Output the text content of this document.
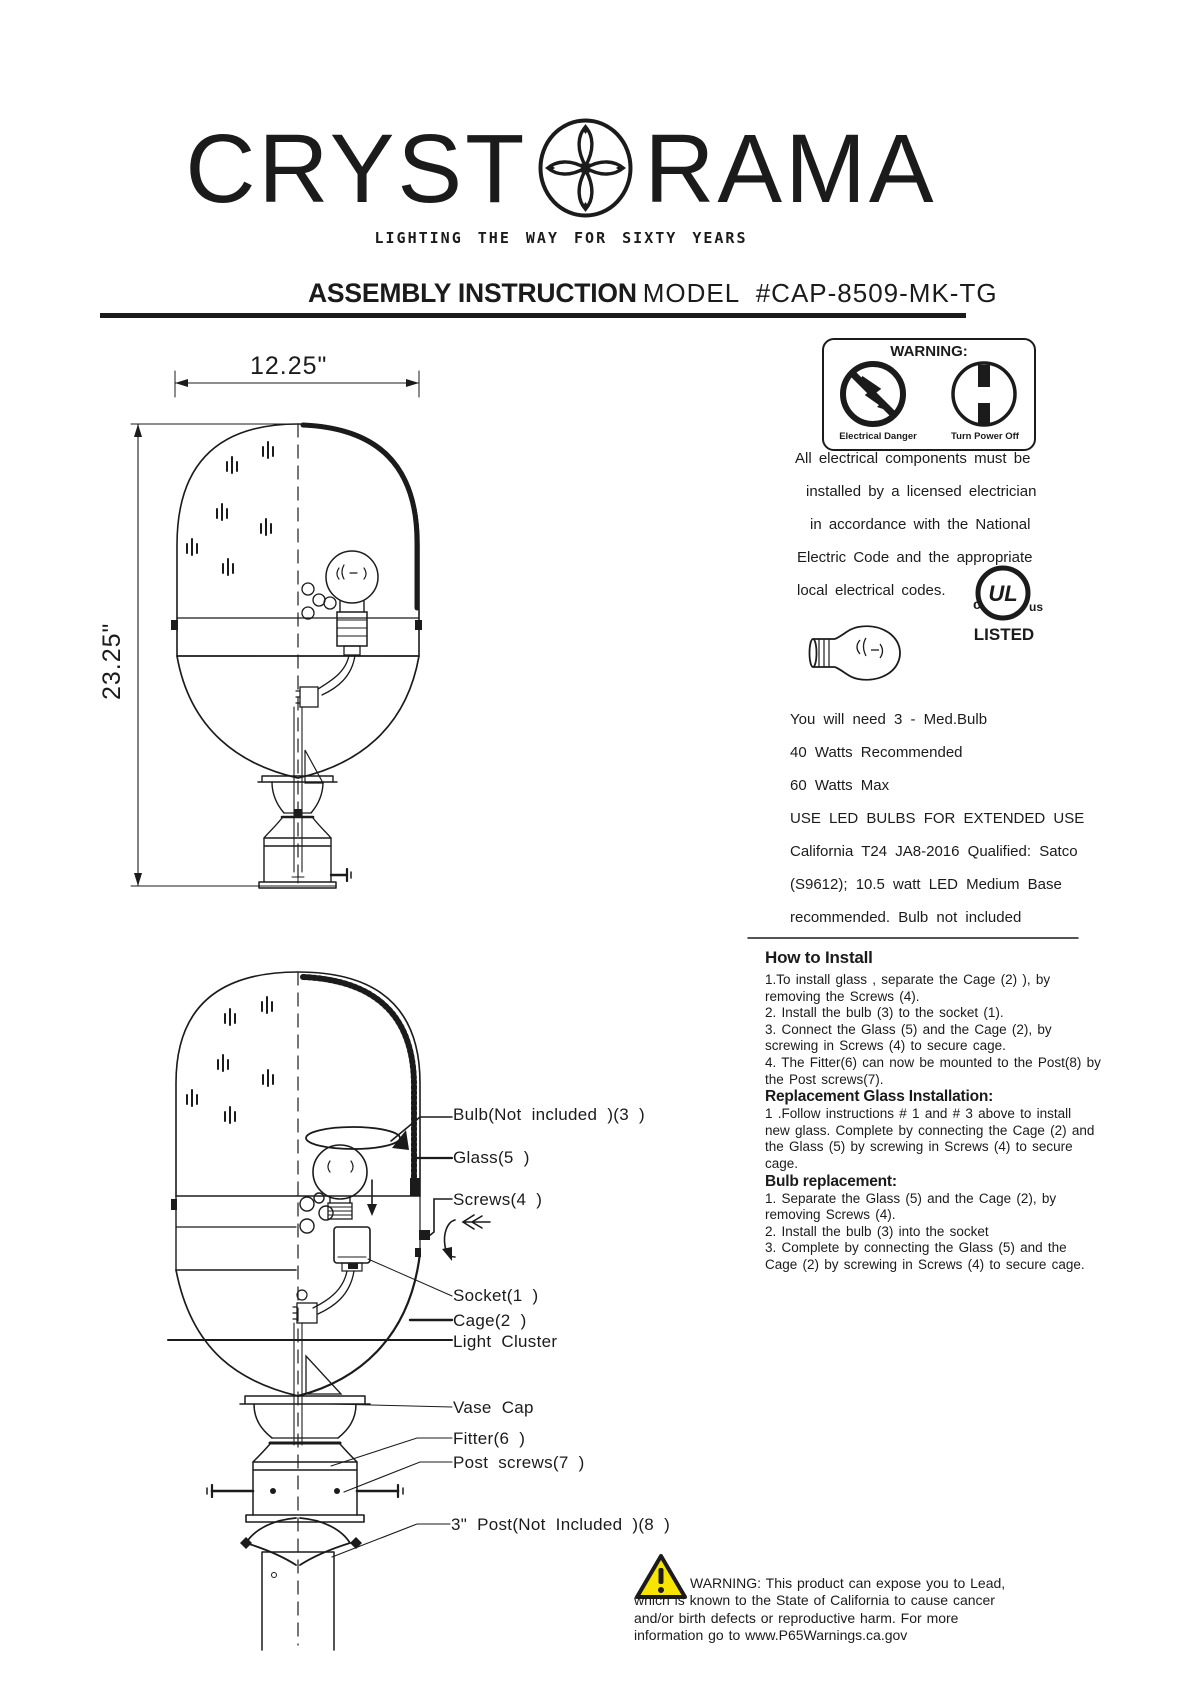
CRYST RAMA
LIGHTING THE WAY FOR SIXTY YEARS
ASSEMBLY INSTRUCTION MODEL  #CAP-8509-MK-TG
12.25"
23.25"
WARNING:
Electrical Danger	Turn Power Off
All electrical components must be
installed by a licensed electrician
in accordance with the National
Electric Code and the appropriate
local electrical codes. UL
c	us
LISTED
You will need 3 - Med.Bulb
40 Watts Recommended
60 Watts Max
USE LED BULBS FOR EXTENDED USE
California T24 JA8-2016 Qualified: Satco
(S9612); 10.5 watt LED Medium Base
recommended. Bulb not included
How to Install
1.To install glass , separate the Cage (2) ), by removing the Screws (4).
2. Install the bulb (3) to the socket (1).
3. Connect the Glass (5) and the Cage (2), by screwing in Screws (4) to secure cage.
4. The Fitter(6) can now be mounted to the Post(8) by the Post screws(7).
Replacement Glass Installation:
1 .Follow instructions # 1 and # 3 above to install new glass. Complete by connecting the Cage (2) and the Glass (5) by screwing in Screws (4) to secure cage.
Bulb replacement:
1. Separate the Glass (5) and the Cage (2), by removing Screws (4).
2. Install the bulb (3) into the socket
3. Complete by connecting the Glass (5) and the Cage (2) by screwing in Screws (4) to secure cage.
Bulb(Not included )(3 )
Glass(5 )
Screws(4 )
Socket(1 )
Cage(2 )
Light Cluster
Vase Cap
Fitter(6 )
Post screws(7 )
3" Post(Not Included )(8 )
WARNING: This product can expose you to Lead,
which is known to the State of California to cause cancer
and/or birth defects or reproductive harm. For more
information go to www.P65Warnings.ca.gov
